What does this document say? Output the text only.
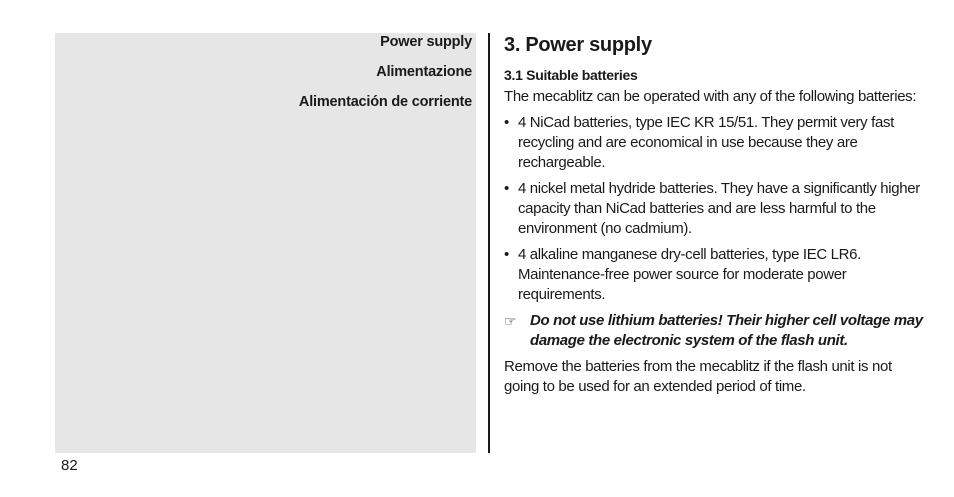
Power supply

Alimentazione

Alimentación de corriente

3. Power supply
3.1 Suitable batteries

The mecablitz can be operated with any of the following batteries:

• 4 NiCad batteries, type IEC KR 15/51. They permit very fast recycling and are economical in use because they are rechargeable.
• 4 nickel metal hydride batteries. They have a significantly higher capacity than NiCad batteries and are less harmful to the environment (no cadmium).
• 4 alkaline manganese dry-cell batteries, type IEC LR6. Maintenance-free power source for moderate power requirements.
☞ Do not use lithium batteries! Their higher cell voltage may damage the electronic system of the flash unit.

Remove the batteries from the mecablitz if the flash unit is not going to be used for an extended period of time.

82
